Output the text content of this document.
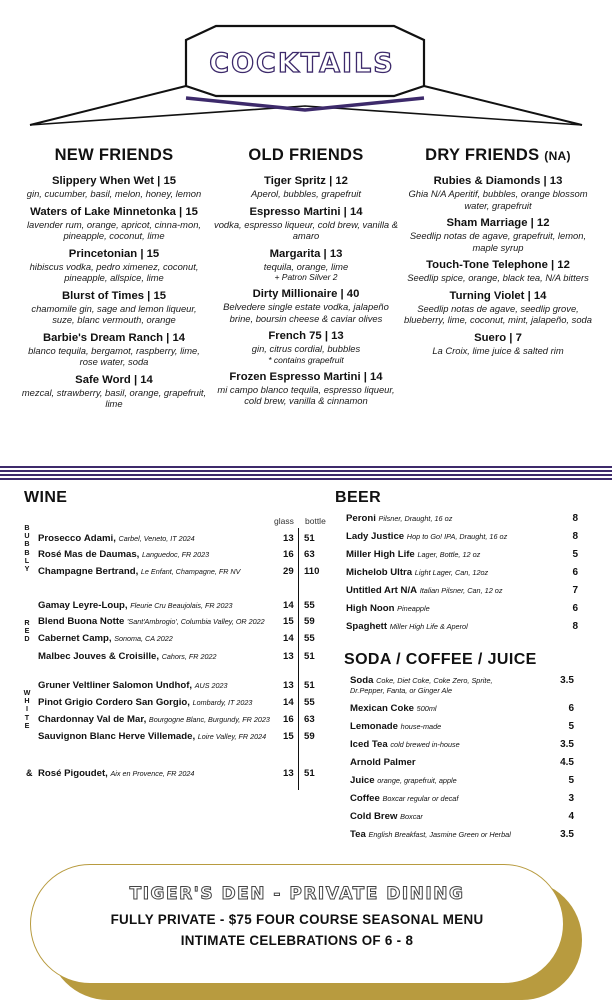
COCKTAILS
NEW FRIENDS
Slippery When Wet | 15
gin, cucumber, basil, melon, honey, lemon
Waters of Lake Minnetonka | 15
lavender rum, orange, apricot, cinna-mon, pineapple, coconut, lime
Princetonian | 15
hibiscus vodka, pedro ximenez, coconut, pineapple, allspice, lime
Blurst of Times | 15
chamomile gin, sage and lemon liqueur, suze, blanc vermouth, orange
Barbie's Dream Ranch | 14
blanco tequila, bergamot, raspberry, lime, rose water, soda
Safe Word | 14
mezcal, strawberry, basil, orange, grapefruit, lime
OLD FRIENDS
Tiger Spritz | 12
Aperol, bubbles, grapefruit
Espresso Martini | 14
vodka, espresso liqueur, cold brew, vanilla & amaro
Margarita | 13
tequila, orange, lime
+ Patron Silver 2
Dirty Millionaire | 40
Belvedere single estate vodka, jalapeño brine, boursin cheese & caviar olives
French 75 | 13
gin, citrus cordial, bubbles
* contains grapefruit
Frozen Espresso Martini | 14
mi campo blanco tequila, espresso liqueur, cold brew, vanilla & cinnamon
DRY FRIENDS (NA)
Rubies & Diamonds | 13
Ghia N/A Aperitif, bubbles, orange blossom water, grapefruit
Sham Marriage | 12
Seedlip notas de agave, grapefruit, lemon, maple syrup
Touch-Tone Telephone | 12
Seedlip spice, orange, black tea, N/A bitters
Turning Violet | 14
Seedlip notas de agave, seedlip grove, blueberry, lime, coconut, mint, jalapeño, soda
Suero | 7
La Croix, lime juice & salted rim
WINE
glass bottle
B
U
B
B
L
Y
R
E
D
W
H
I
T
E
&
Prosecco Adami, Carbel, Veneto, IT 2024	13 51
Rosé Mas de Daumas, Languedoc, FR 2023	16 63
Champagne Bertrand, Le Enfant, Champagne, FR NV	29 110
Gamay Leyre-Loup, Fleurie Cru Beaujolais, FR 2023	14 55
Blend Buona Notte 'Sant'Ambrogio', Columbia Valley, OR 2022 15 59
Cabernet Camp, Sonoma, CA 2022	14 55
Malbec Jouves & Croisille, Cahors, FR 2022	13 51
Gruner Veltliner Salomon Undhof, AUS 2023	13 51
Pinot Grigio Cordero San Gorgio, Lombardy, IT 2023	14 55
Chardonnay Val de Mar, Bourgogne Blanc, Burgundy, FR 2023 16 63
Sauvignon Blanc Herve Villemade, Loire Valley, FR 2024 15 59
Rosé Pigoudet, Aix en Provence, FR 2024	13 51
BEER
Peroni Pilsner, Draught, 16 oz	8
Lady Justice Hop to Go! IPA, Draught, 16 oz	8
Miller High Life Lager, Bottle, 12 oz	5
Michelob Ultra Light Lager, Can, 12oz	6
Untitled Art N/A Italian Pilsner, Can, 12 oz	7
High Noon Pineapple	6
Spaghett Miller High Life & Aperol	8
SODA / COFFEE / JUICE
Soda Coke, Diet Coke, Coke Zero, Sprite,	3.5
Dr.Pepper, Fanta, or Ginger Ale
Mexican Coke 500ml	6
Lemonade house-made	5
Iced Tea cold brewed in-house	3.5
Arnold Palmer	4.5
Juice orange, grapefruit, apple	5
Coffee Boxcar regular or decaf	3
Cold Brew Boxcar	4
Tea English Breakfast, Jasmine Green or Herbal	3.5
TIGER'S DEN - PRIVATE DINING
FULLY PRIVATE - $75 FOUR COURSE SEASONAL MENU
INTIMATE CELEBRATIONS OF 6 - 8
